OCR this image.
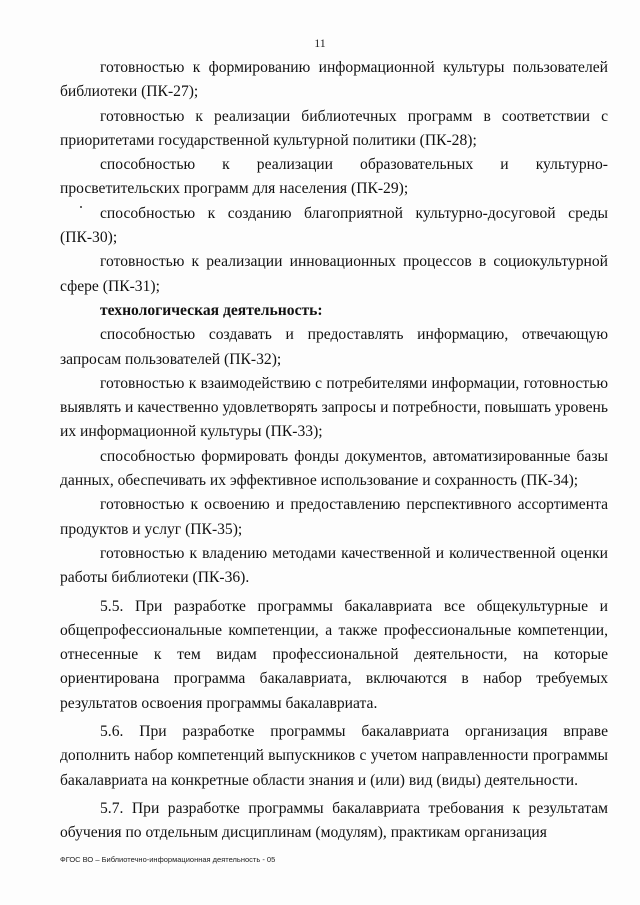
11

готовностью к формированию информационной культуры пользователей библиотеки (ПК-27);

готовностью к реализации библиотечных программ в соответствии с приоритетами государственной культурной политики (ПК-28);

способностью к реализации образовательных и культурно-просветительских программ для населения (ПК-29);

способностью к созданию благоприятной культурно-досуговой среды (ПК-30);

готовностью к реализации инновационных процессов в социокультурной сфере (ПК-31);

технологическая деятельность:

способностью создавать и предоставлять информацию, отвечающую запросам пользователей (ПК-32);

готовностью к взаимодействию с потребителями информации, готовностью выявлять и качественно удовлетворять запросы и потребности, повышать уровень их информационной культуры (ПК-33);

способностью формировать фонды документов, автоматизированные базы данных, обеспечивать их эффективное использование и сохранность (ПК-34);

готовностью к освоению и предоставлению перспективного ассортимента продуктов и услуг (ПК-35);

готовностью к владению методами качественной и количественной оценки работы библиотеки (ПК-36).

5.5. При разработке программы бакалавриата все общекультурные и общепрофессиональные компетенции, а также профессиональные компетенции, отнесенные к тем видам профессиональной деятельности, на которые ориентирована программа бакалавриата, включаются в набор требуемых результатов освоения программы бакалавриата.

5.6. При разработке программы бакалавриата организация вправе дополнить набор компетенций выпускников с учетом направленности программы бакалавриата на конкретные области знания и (или) вид (виды) деятельности.

5.7. При разработке программы бакалавриата требования к результатам обучения по отдельным дисциплинам (модулям), практикам организация

ФГОС ВО – Библиотечно-информационная деятельность - 05
